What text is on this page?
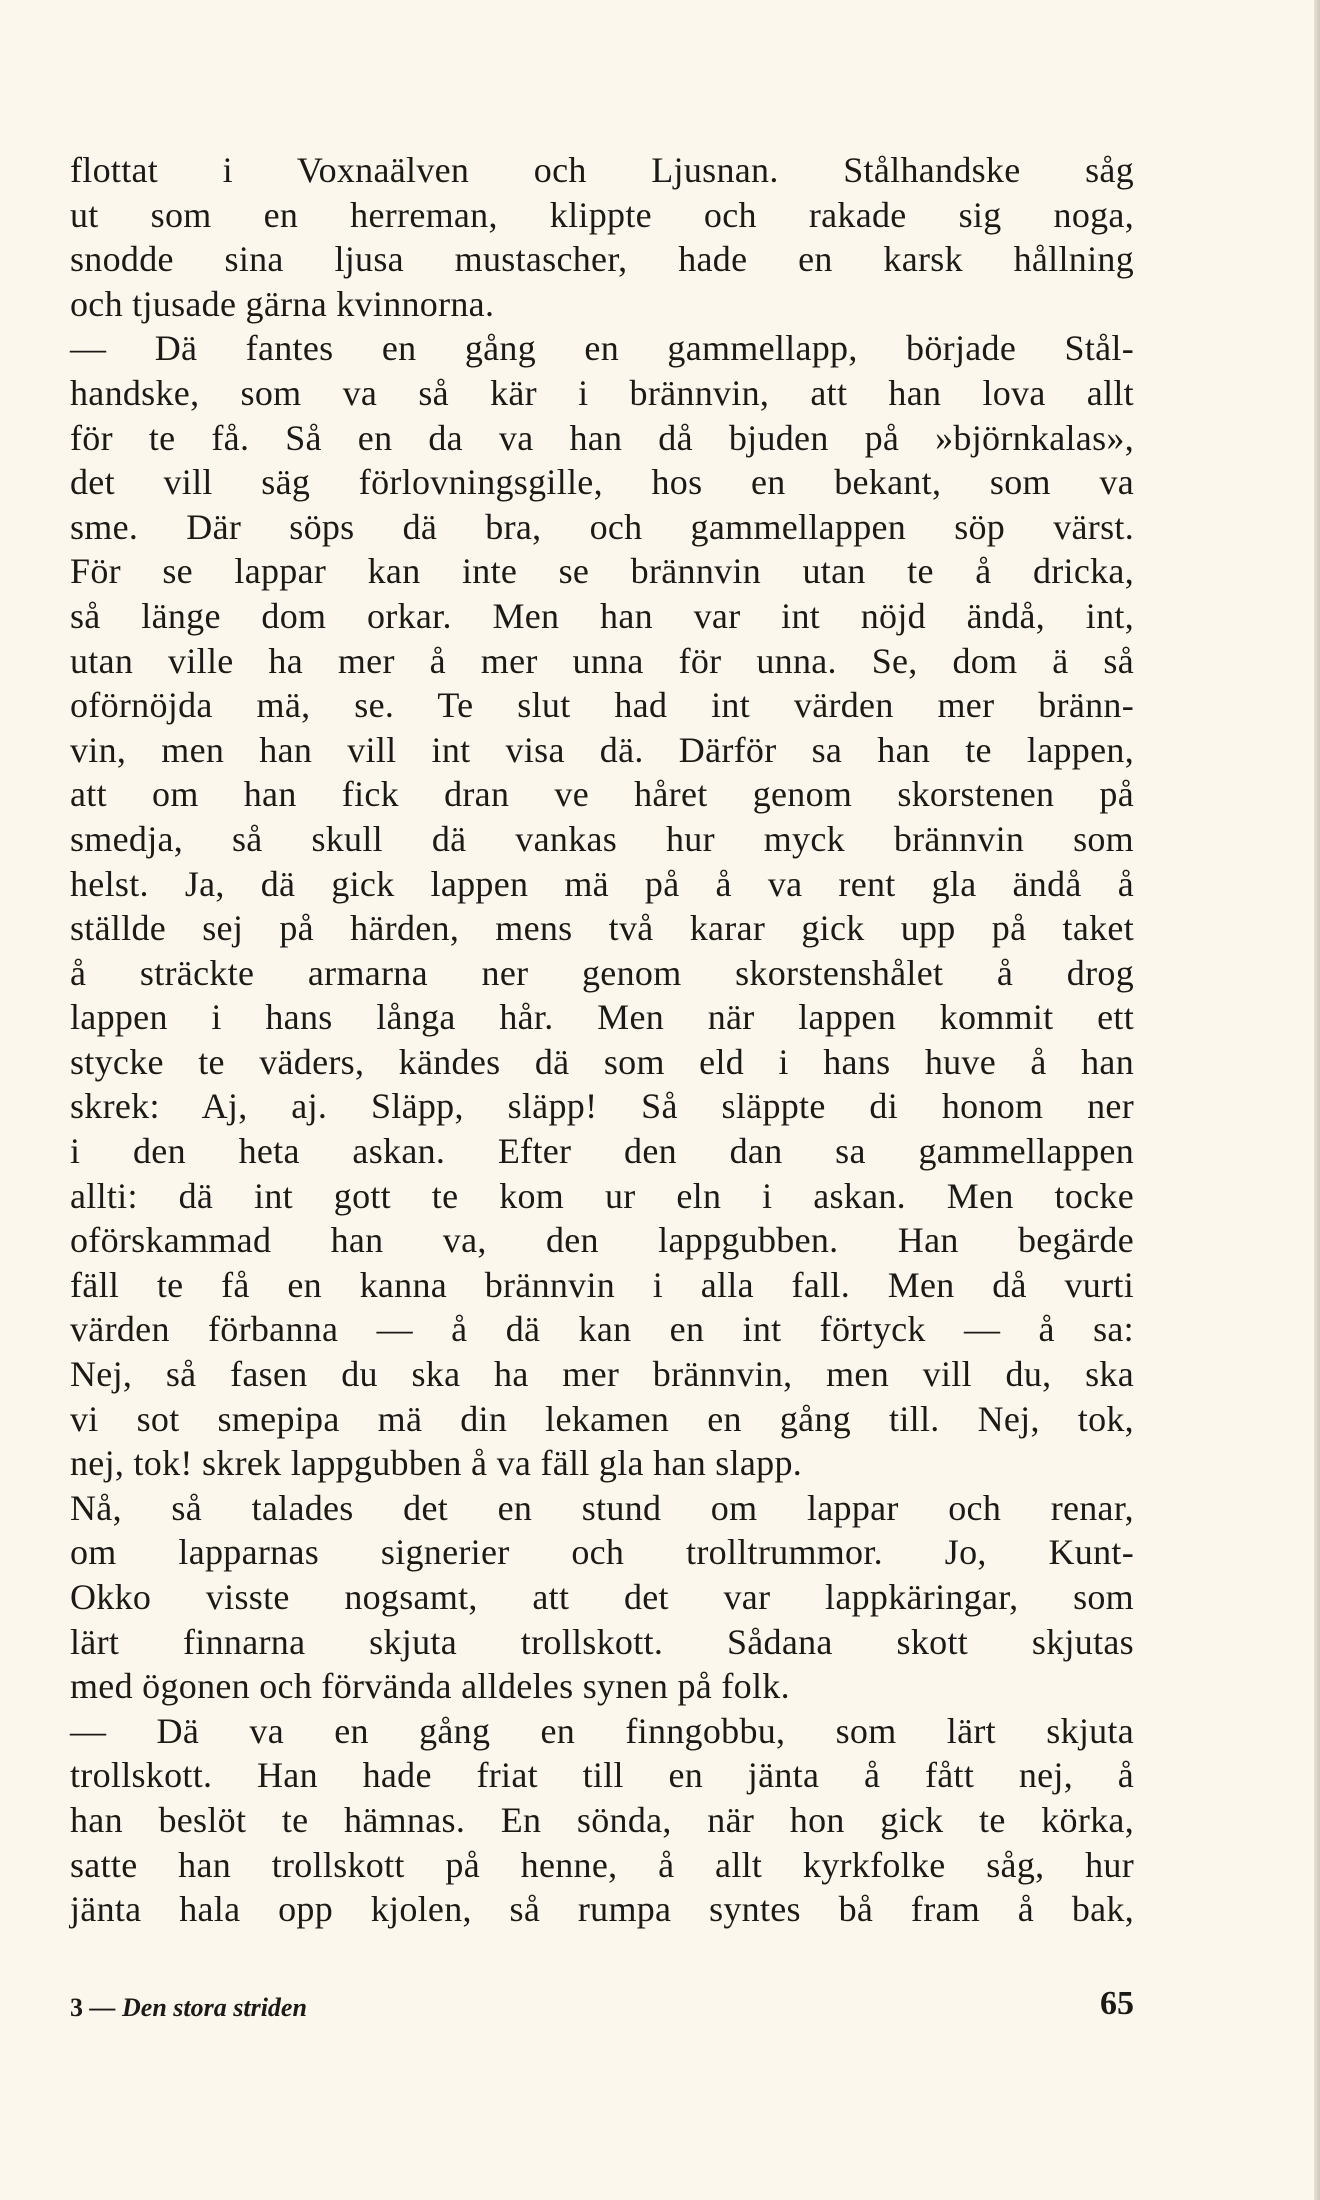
flottat i Voxnaälven och Ljusnan. Stålhandske såg
ut som en herreman, klippte och rakade sig noga,
snodde sina ljusa mustascher, hade en karsk hållning
och tjusade gärna kvinnorna.
— Dä fantes en gång en gammellapp, började Stål-
handske, som va så kär i brännvin, att han lova allt
för te få. Så en da va han då bjuden på »björnkalas»,
det vill säg förlovningsgille, hos en bekant, som va
sme. Där söps dä bra, och gammellappen söp värst.
För se lappar kan inte se brännvin utan te å dricka,
så länge dom orkar. Men han var int nöjd ändå, int,
utan ville ha mer å mer unna för unna. Se, dom ä så
oförnöjda mä, se. Te slut had int värden mer bränn-
vin, men han vill int visa dä. Därför sa han te lappen,
att om han fick dran ve håret genom skorstenen på
smedja, så skull dä vankas hur myck brännvin som
helst. Ja, dä gick lappen mä på å va rent gla ändå å
ställde sej på härden, mens två karar gick upp på taket
å sträckte armarna ner genom skorstenshålet å drog
lappen i hans långa hår. Men när lappen kommit ett
stycke te väders, kändes dä som eld i hans huve å han
skrek: Aj, aj. Släpp, släpp! Så släppte di honom ner
i den heta askan. Efter den dan sa gammellappen
allti: dä int gott te kom ur eln i askan. Men tocke
oförskammad han va, den lappgubben. Han begärde
fäll te få en kanna brännvin i alla fall. Men då vurti
värden förbanna — å dä kan en int förtyck — å sa:
Nej, så fasen du ska ha mer brännvin, men vill du, ska
vi sot smepipa mä din lekamen en gång till. Nej, tok,
nej, tok! skrek lappgubben å va fäll gla han slapp.
Nå, så talades det en stund om lappar och renar,
om lapparnas signerier och trolltrummor. Jo, Kunt-
Okko visste nogsamt, att det var lappkäringar, som
lärt finnarna skjuta trollskott. Sådana skott skjutas
med ögonen och förvända alldeles synen på folk.
— Dä va en gång en finngobbu, som lärt skjuta
trollskott. Han hade friat till en jänta å fått nej, å
han beslöt te hämnas. En sönda, när hon gick te körka,
satte han trollskott på henne, å allt kyrkfolke såg, hur
jänta hala opp kjolen, så rumpa syntes bå fram å bak,
3 — Den stora striden	65
